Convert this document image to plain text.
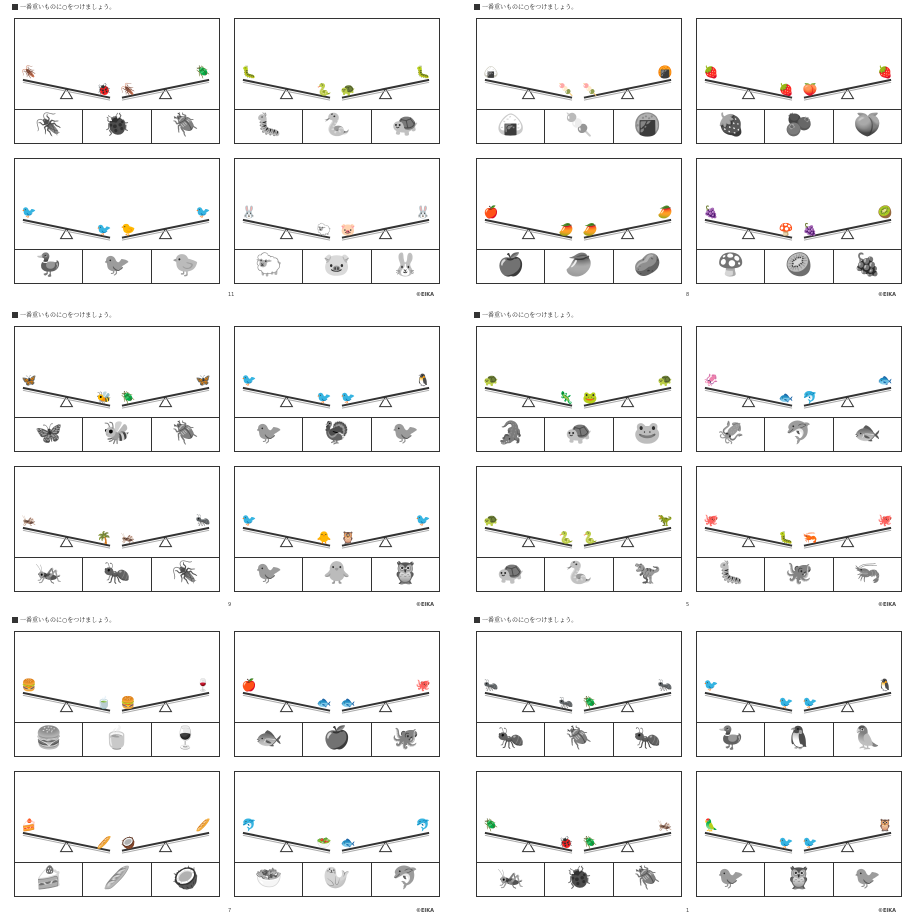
一番重いものに○をつけましょう。
🪳
🐞 🪳
🪲
🪳 🐞 🪲
🐛
🐍 🐢
🐛
🐛 🐍 🐢
🐦
🐦 🐤
🐦
🦆 🐦 🐤
🐰
🐑 🐷
🐰
🐑 🐷 🐰
11	©EIKA
一番重いものに○をつけましょう。
🍙
🍡 🍡
🍘
🍙 🍡 🍘
🍓
🍓 🍑
🍓
🍓 🫐 🍑
🍎
🥭 🥭
🥭
🍎 🥭 🥔
🍇
🍄 🍇
🥝
🍄 🥝 🍇
8	©EIKA
一番重いものに○をつけましょう。
🦋
🐝 🪲
🦋
🦋 🐝 🪲
🐦
🐦 🐦
🐧
🐦 🦃 🐦
🦗
🌴 🦗
🐜
🦗 🐜 🪳
🐦
🐥 🦉
🐦
🐦 🐥 🦉
9	©EIKA
一番重いものに○をつけましょう。
🐢
🦎 🐸
🐢
🐊 🐢 🐸
🦑
🐟 🐬
🐟
🦑 🐬 🐟
🐢
🐍 🐍
🦖
🐢 🐍 🦖
🐙
🐛 🦐
🐙
🐛 🐙 🦐
5	©EIKA
一番重いものに○をつけましょう。
🍔
🍵 🍔
🍷
🍔 🍵 🍷
🍎
🐟 🐟
🐙
🐟 🍎 🐙
🍰
🥖 🥥
🥖
🍰 🥖 🥥
🐬
🥗 🐟
🐬
🥗 🦭 🐬
7	©EIKA
一番重いものに○をつけましょう。
🐜
🐜 🪲
🐜
🐜 🪲 🐜
🐦
🐦 🐦
🐧
🦆 🐧 🦜
🪲
🐞 🪲
🦗
🦗 🐞 🪲
🦜
🐦 🐦
🦉
🐦 🦉 🐦
1	©EIKA
